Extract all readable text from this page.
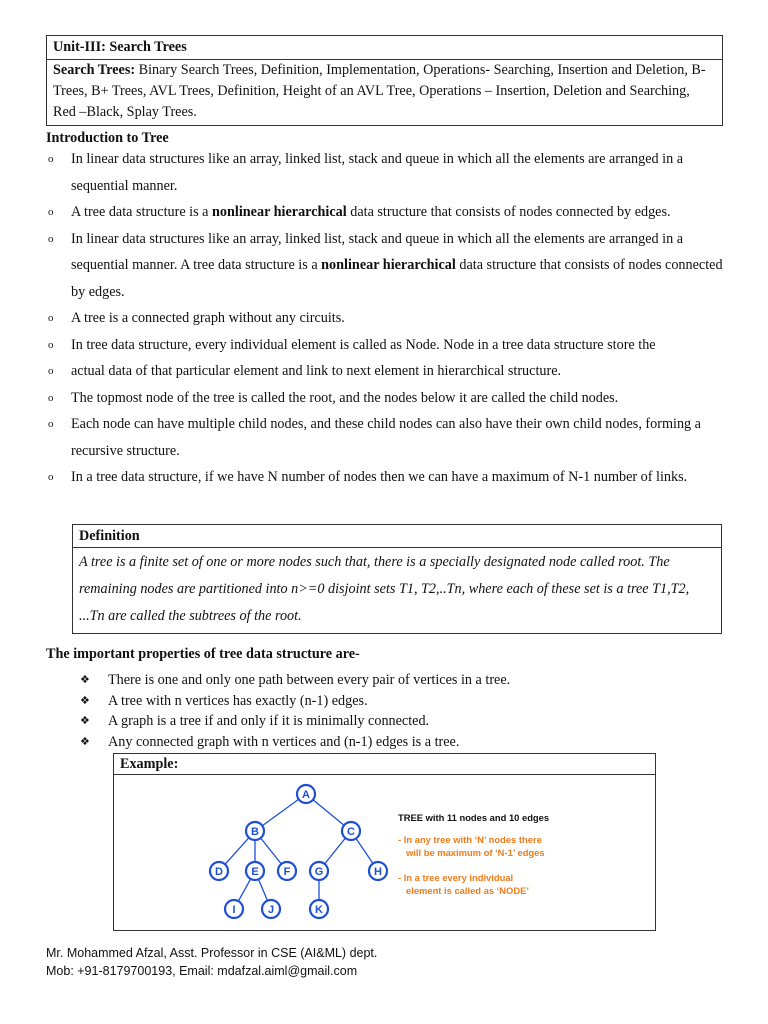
Unit-III: Search Trees
Search Trees: Binary Search Trees, Definition, Implementation, Operations- Searching, Insertion and Deletion, B- Trees, B+ Trees, AVL Trees, Definition, Height of an AVL Tree, Operations – Insertion, Deletion and Searching, Red –Black, Splay Trees.
Introduction to Tree
o In linear data structures like an array, linked list, stack and queue in which all the elements are arranged in a sequential manner.
o A tree data structure is a nonlinear hierarchical data structure that consists of nodes connected by edges.
o In linear data structures like an array, linked list, stack and queue in which all the elements are arranged in a sequential manner. A tree data structure is a nonlinear hierarchical data structure that consists of nodes connected by edges.
o A tree is a connected graph without any circuits.
o In tree data structure, every individual element is called as Node. Node in a tree data structure store the
o actual data of that particular element and link to next element in hierarchical structure.
o The topmost node of the tree is called the root, and the nodes below it are called the child nodes.
o Each node can have multiple child nodes, and these child nodes can also have their own child nodes, forming a recursive structure.
o In a tree data structure, if we have N number of nodes then we can have a maximum of N-1 number of links.
Definition
A tree is a finite set of one or more nodes such that, there is a specially designated node called root. The remaining nodes are partitioned into n>=0 disjoint sets T1, T2,..Tn, where each of these set is a tree T1,T2, ...Tn are called the subtrees of the root.
The important properties of tree data structure are-
❖ There is one and only one path between every pair of vertices in a tree.
❖ A tree with n vertices has exactly (n-1) edges.
❖ A graph is a tree if and only if it is minimally connected.
❖ Any connected graph with n vertices and (n-1) edges is a tree.
Example:
A
B	C
D	E F G	H
I	J	K
TREE with 11 nodes and 10 edges
- In any tree with ‘N’ nodes there
will be maximum of ‘N-1’ edges
- In a tree every individual
element is called as ‘NODE’
Mr. Mohammed Afzal, Asst. Professor in CSE (AI&ML) dept.
Mob: +91-8179700193, Email: mdafzal.aiml@gmail.com
